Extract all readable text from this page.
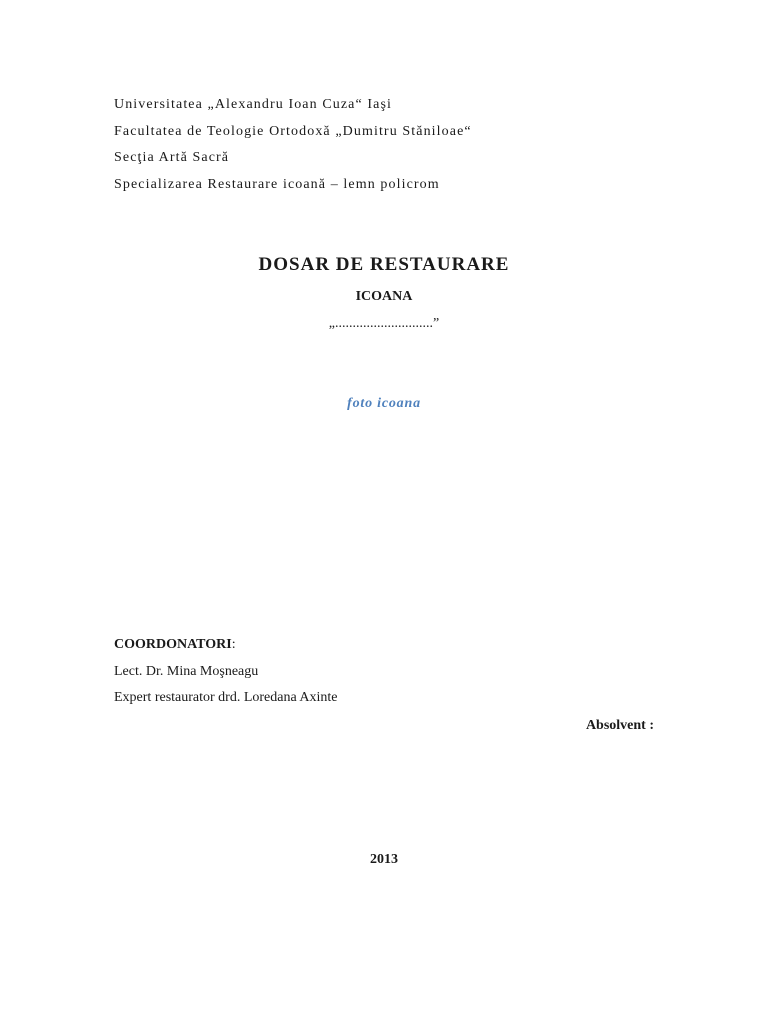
Universitatea „Alexandru Ioan Cuza“ Iaşi
Facultatea de Teologie Ortodoxă „Dumitru Stăniloae“
Secţia Artă Sacră
Specializarea Restaurare icoană – lemn policrom
DOSAR DE RESTAURARE
ICOANA
„............................”
foto icoana
COORDONATORI:
Lect. Dr. Mina Moşneagu
Expert restaurator drd. Loredana Axinte
Absolvent :
2013
